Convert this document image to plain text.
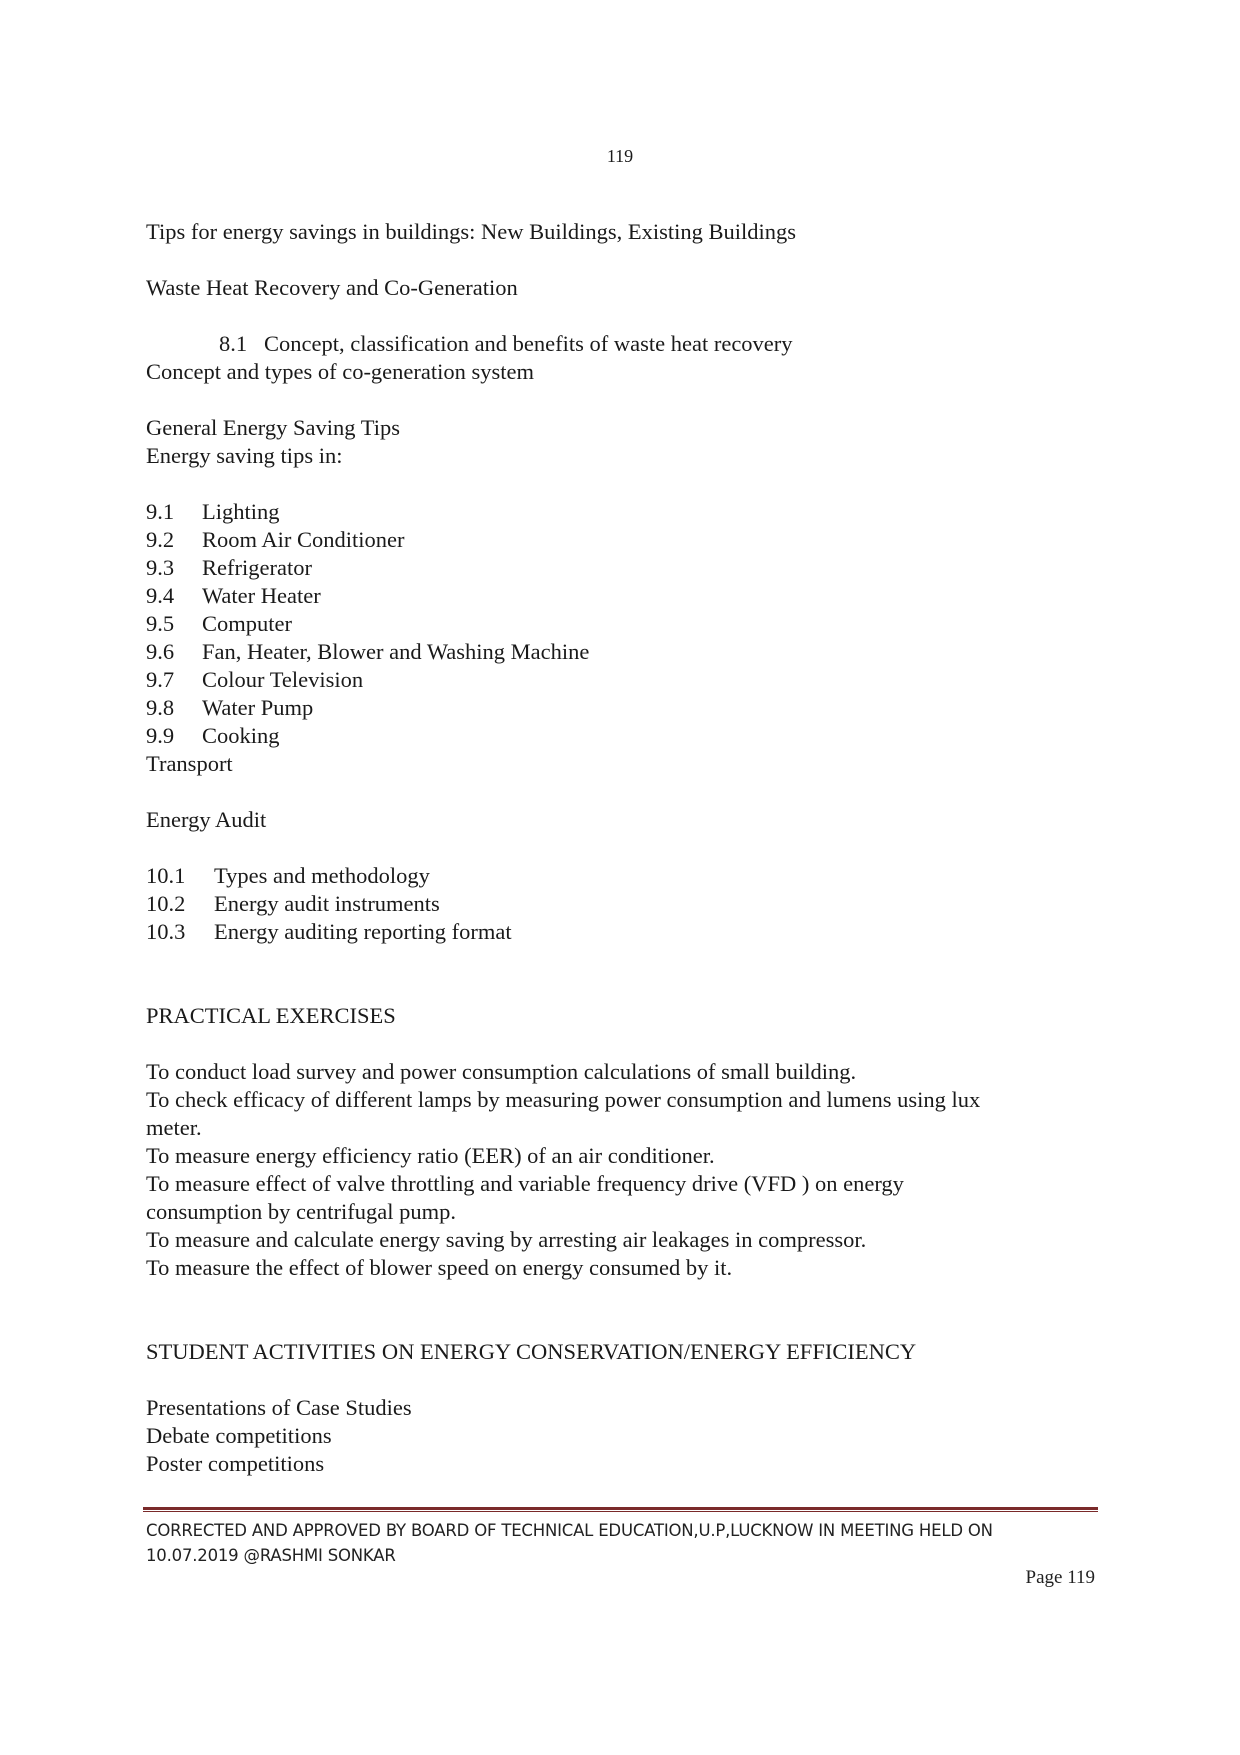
119
Tips for energy savings in buildings: New Buildings, Existing Buildings
Waste Heat Recovery and Co-Generation
8.1 Concept, classification and benefits of waste heat recovery
Concept and types of co-generation system
General Energy Saving Tips
Energy saving tips in:
9.1	Lighting
9.2	Room Air Conditioner
9.3	Refrigerator
9.4	Water Heater
9.5	Computer
9.6	Fan, Heater, Blower and Washing Machine
9.7	Colour Television
9.8	Water Pump
9.9	Cooking
Transport
Energy Audit
10.1	Types and methodology
10.2	Energy audit instruments
10.3	Energy auditing reporting format
PRACTICAL EXERCISES
To conduct load survey and power consumption calculations of small building.
To check efficacy of different lamps by measuring power consumption and lumens using lux
meter.
To measure energy efficiency ratio (EER) of an air conditioner.
To measure effect of valve throttling and variable frequency drive (VFD ) on energy
consumption by centrifugal pump.
To measure and calculate energy saving by arresting air leakages in compressor.
To measure the effect of blower speed on energy consumed by it.
STUDENT ACTIVITIES ON ENERGY CONSERVATION/ENERGY EFFICIENCY
Presentations of Case Studies
Debate competitions
Poster competitions
CORRECTED AND APPROVED BY BOARD OF TECHNICAL EDUCATION,U.P,LUCKNOW IN MEETING HELD ON
10.07.2019 @RASHMI SONKAR
Page 119
